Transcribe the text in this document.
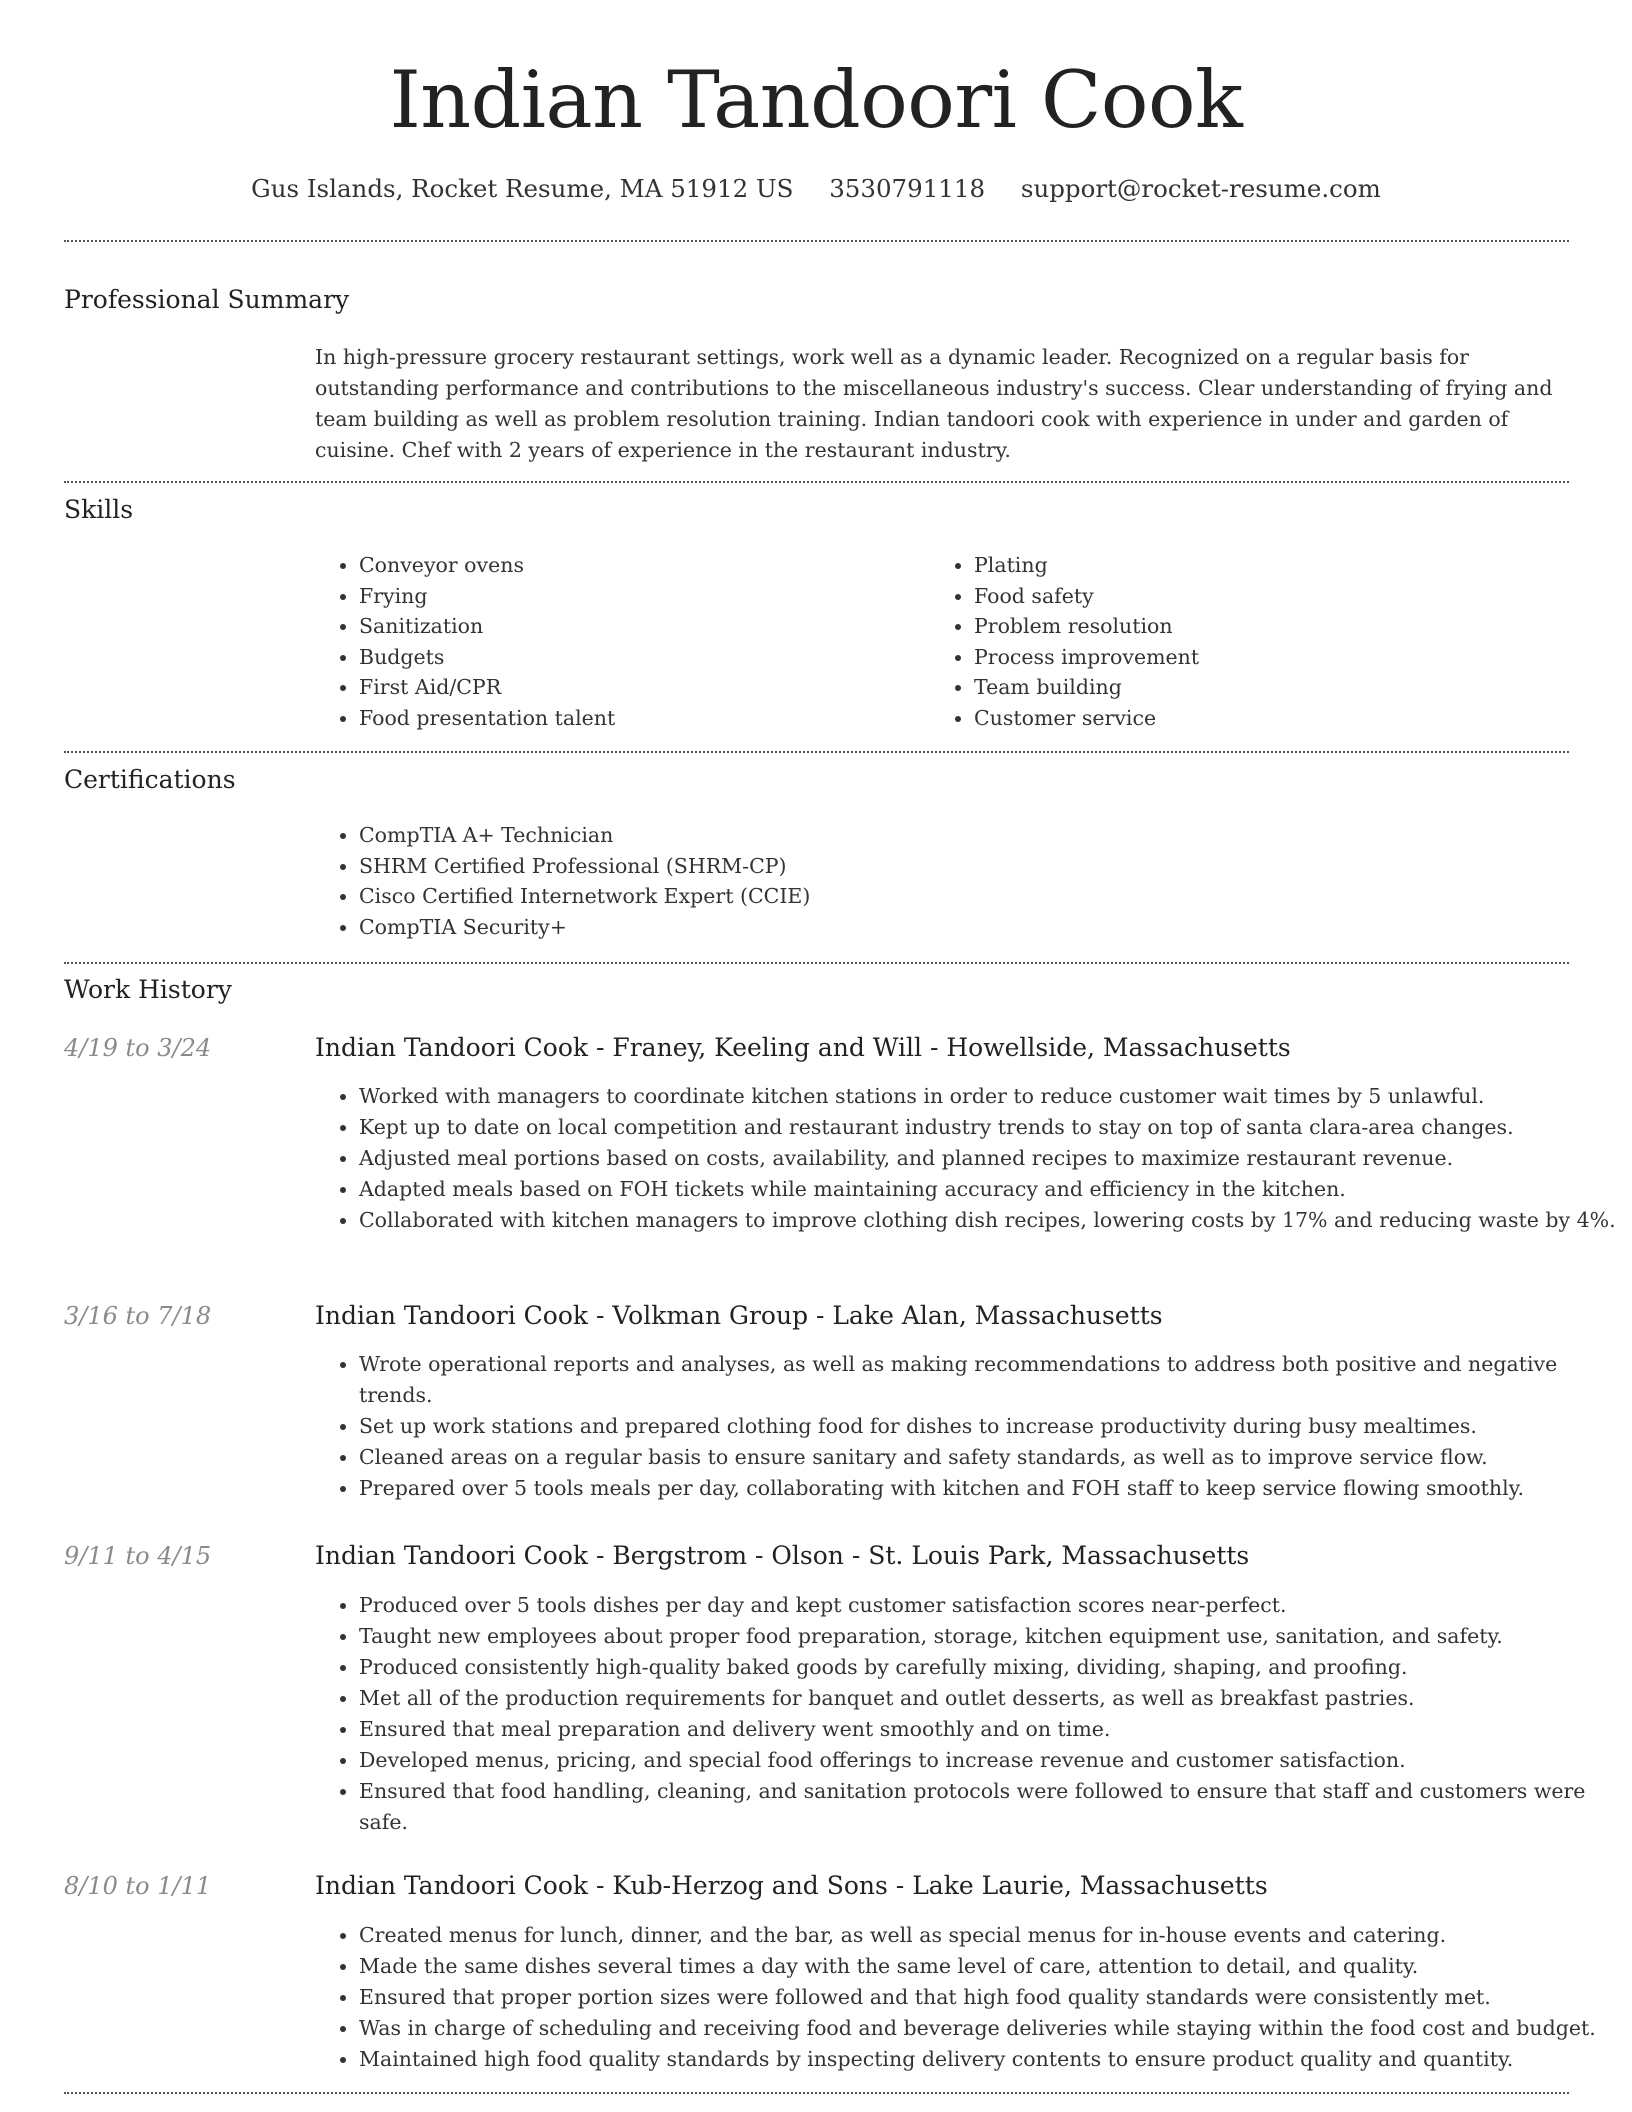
Indian Tandoori Cook
Gus Islands, Rocket Resume, MA 51912 US 3530791118 support@rocket-resume.com
Professional Summary
In high-pressure grocery restaurant settings, work well as a dynamic leader. Recognized on a regular basis for outstanding performance and contributions to the miscellaneous industry's success. Clear understanding of frying and team building as well as problem resolution training. Indian tandoori cook with experience in under and garden of cuisine. Chef with 2 years of experience in the restaurant industry.
Skills
• Conveyor ovens
• Frying
• Sanitization
• Budgets
• First Aid/CPR
• Food presentation talent
• Plating
• Food safety
• Problem resolution
• Process improvement
• Team building
• Customer service
Certifications
• CompTIA A+ Technician
• SHRM Certified Professional (SHRM-CP)
• Cisco Certified Internetwork Expert (CCIE)
• CompTIA Security+
Work History
4/19 to 3/24	Indian Tandoori Cook - Franey, Keeling and Will - Howellside, Massachusetts
• Worked with managers to coordinate kitchen stations in order to reduce customer wait times by 5 unlawful.
• Kept up to date on local competition and restaurant industry trends to stay on top of santa clara-area changes.
• Adjusted meal portions based on costs, availability, and planned recipes to maximize restaurant revenue.
• Adapted meals based on FOH tickets while maintaining accuracy and efficiency in the kitchen.
• Collaborated with kitchen managers to improve clothing dish recipes, lowering costs by 17% and reducing waste by 4%.
3/16 to 7/18	Indian Tandoori Cook - Volkman Group - Lake Alan, Massachusetts
• Wrote operational reports and analyses, as well as making recommendations to address both positive and negative trends.
• Set up work stations and prepared clothing food for dishes to increase productivity during busy mealtimes.
• Cleaned areas on a regular basis to ensure sanitary and safety standards, as well as to improve service flow.
• Prepared over 5 tools meals per day, collaborating with kitchen and FOH staff to keep service flowing smoothly.
9/11 to 4/15	Indian Tandoori Cook - Bergstrom - Olson - St. Louis Park, Massachusetts
• Produced over 5 tools dishes per day and kept customer satisfaction scores near-perfect.
• Taught new employees about proper food preparation, storage, kitchen equipment use, sanitation, and safety.
• Produced consistently high-quality baked goods by carefully mixing, dividing, shaping, and proofing.
• Met all of the production requirements for banquet and outlet desserts, as well as breakfast pastries.
• Ensured that meal preparation and delivery went smoothly and on time.
• Developed menus, pricing, and special food offerings to increase revenue and customer satisfaction.
• Ensured that food handling, cleaning, and sanitation protocols were followed to ensure that staff and customers were safe.
8/10 to 1/11	Indian Tandoori Cook - Kub-Herzog and Sons - Lake Laurie, Massachusetts
• Created menus for lunch, dinner, and the bar, as well as special menus for in-house events and catering.
• Made the same dishes several times a day with the same level of care, attention to detail, and quality.
• Ensured that proper portion sizes were followed and that high food quality standards were consistently met.
• Was in charge of scheduling and receiving food and beverage deliveries while staying within the food cost and budget.
• Maintained high food quality standards by inspecting delivery contents to ensure product quality and quantity.
